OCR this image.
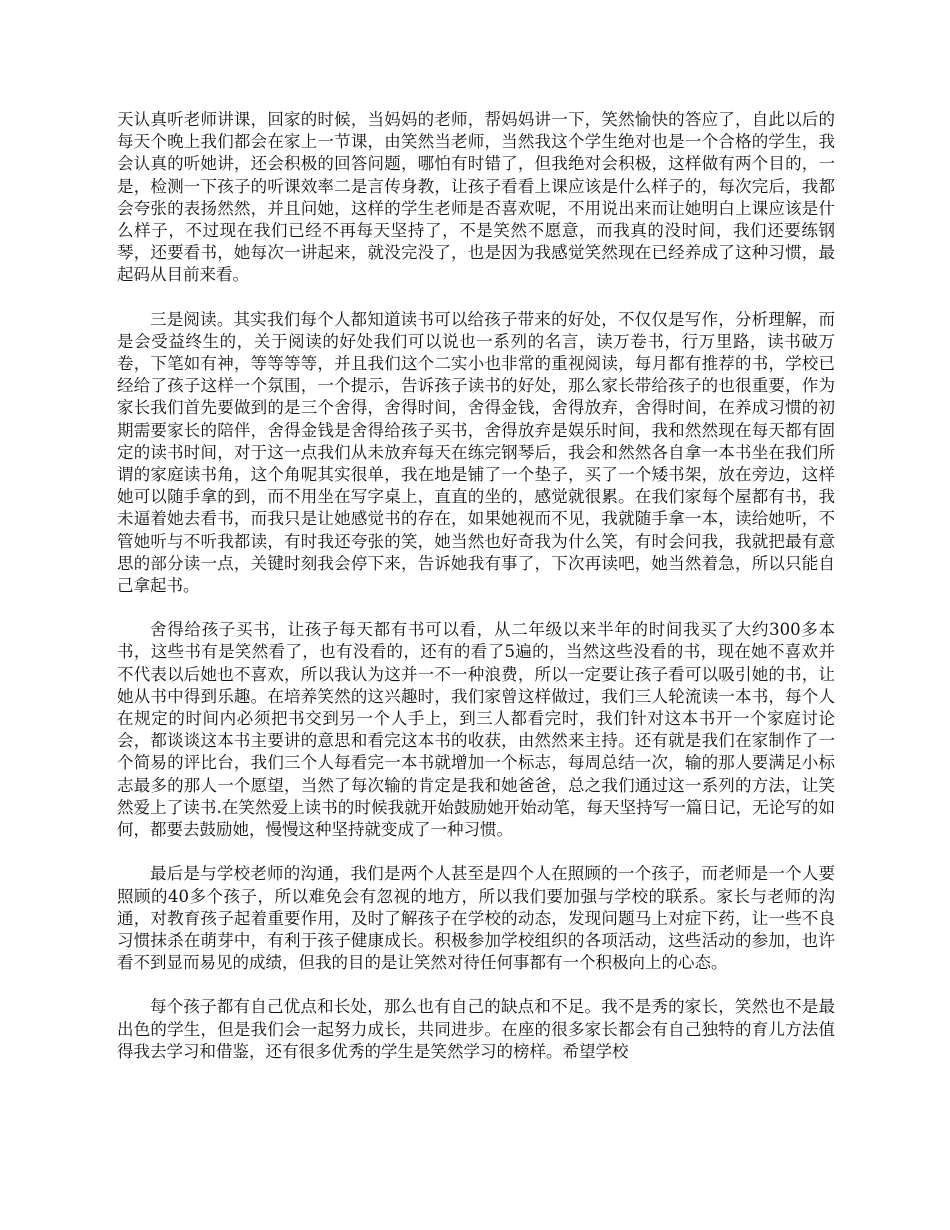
天认真听老师讲课，回家的时候，当妈妈的老师，帮妈妈讲一下，笑然愉快的答应了，自此以后的每天个晚上我们都会在家上一节课，由笑然当老师，当然我这个学生绝对也是一个合格的学生，我会认真的听她讲，还会积极的回答问题，哪怕有时错了，但我绝对会积极，这样做有两个目的，一是，检测一下孩子的听课效率二是言传身教，让孩子看看上课应该是什么样子的，每次完后，我都会夸张的表扬然然，并且问她，这样的学生老师是否喜欢呢，不用说出来而让她明白上课应该是什么样子，不过现在我们已经不再每天坚持了，不是笑然不愿意，而我真的没时间，我们还要练钢琴，还要看书，她每次一讲起来，就没完没了，也是因为我感觉笑然现在已经养成了这种习惯，最起码从目前来看。

三是阅读。其实我们每个人都知道读书可以给孩子带来的好处，不仅仅是写作，分析理解，而是会受益终生的，关于阅读的好处我们可以说也一系列的名言，读万卷书，行万里路，读书破万卷，下笔如有神，等等等等，并且我们这个二实小也非常的重视阅读，每月都有推荐的书，学校已经给了孩子这样一个氛围，一个提示，告诉孩子读书的好处，那么家长带给孩子的也很重要，作为家长我们首先要做到的是三个舍得，舍得时间，舍得金钱，舍得放弃，舍得时间，在养成习惯的初期需要家长的陪伴，舍得金钱是舍得给孩子买书，舍得放弃是娱乐时间，我和然然现在每天都有固定的读书时间，对于这一点我们从未放弃每天在练完钢琴后，我会和然然各自拿一本书坐在我们所谓的家庭读书角，这个角呢其实很单，我在地是铺了一个垫子，买了一个矮书架，放在旁边，这样她可以随手拿的到，而不用坐在写字桌上，直直的坐的，感觉就很累。在我们家每个屋都有书，我未逼着她去看书，而我只是让她感觉书的存在，如果她视而不见，我就随手拿一本，读给她听，不管她听与不听我都读，有时我还夸张的笑，她当然也好奇我为什么笑，有时会问我，我就把最有意思的部分读一点，关键时刻我会停下来，告诉她我有事了，下次再读吧，她当然着急，所以只能自己拿起书。

舍得给孩子买书，让孩子每天都有书可以看，从二年级以来半年的时间我买了大约300多本书，这些书有是笑然看了，也有没看的，还有的看了5遍的，当然这些没看的书，现在她不喜欢并不代表以后她也不喜欢，所以我认为这并一不一种浪费，所以一定要让孩子看可以吸引她的书，让她从书中得到乐趣。在培养笑然的这兴趣时，我们家曾这样做过，我们三人轮流读一本书，每个人在规定的时间内必须把书交到另一个人手上，到三人都看完时，我们针对这本书开一个家庭讨论会，都谈谈这本书主要讲的意思和看完这本书的收获，由然然来主持。还有就是我们在家制作了一个简易的评比台，我们三个人每看完一本书就增加一个标志，每周总结一次，输的那人要满足小标志最多的那人一个愿望，当然了每次输的肯定是我和她爸爸，总之我们通过这一系列的方法，让笑然爱上了读书.在笑然爱上读书的时候我就开始鼓励她开始动笔，每天坚持写一篇日记，无论写的如何，都要去鼓励她，慢慢这种坚持就变成了一种习惯。

最后是与学校老师的沟通，我们是两个人甚至是四个人在照顾的一个孩子，而老师是一个人要照顾的40多个孩子，所以难免会有忽视的地方，所以我们要加强与学校的联系。家长与老师的沟通，对教育孩子起着重要作用，及时了解孩子在学校的动态，发现问题马上对症下药，让一些不良习惯抹杀在萌芽中，有利于孩子健康成长。积极参加学校组织的各项活动，这些活动的参加，也许看不到显而易见的成绩，但我的目的是让笑然对待任何事都有一个积极向上的心态。

每个孩子都有自己优点和长处，那么也有自己的缺点和不足。我不是秀的家长，笑然也不是最出色的学生，但是我们会一起努力成长，共同进步。在座的很多家长都会有自己独特的育儿方法值得我去学习和借鉴，还有很多优秀的学生是笑然学习的榜样。希望学校
